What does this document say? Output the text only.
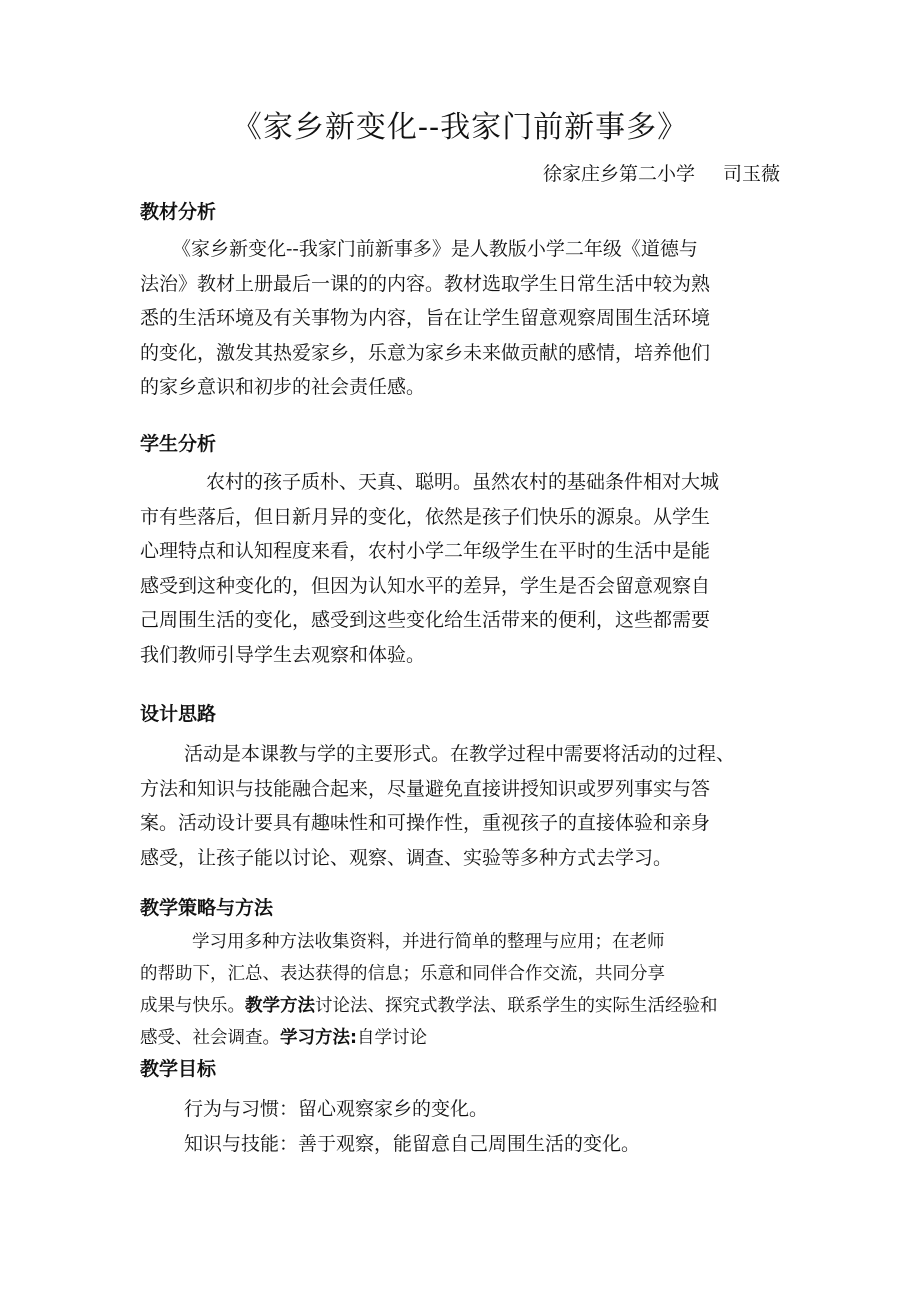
《家乡新变化--我家门前新事多》
徐家庄乡第二小学 司玉薇
教材分析
《家乡新变化--我家门前新事多》是人教版小学二年级《道德与
法治》教材上册最后一课的的内容。教材选取学生日常生活中较为熟
悉的生活环境及有关事物为内容，旨在让学生留意观察周围生活环境
的变化，激发其热爱家乡，乐意为家乡未来做贡献的感情，培养他们
的家乡意识和初步的社会责任感。
学生分析
农村的孩子质朴、天真、聪明。虽然农村的基础条件相对大城
市有些落后，但日新月异的变化，依然是孩子们快乐的源泉。从学生
心理特点和认知程度来看，农村小学二年级学生在平时的生活中是能
感受到这种变化的，但因为认知水平的差异，学生是否会留意观察自
己周围生活的变化，感受到这些变化给生活带来的便利，这些都需要
我们教师引导学生去观察和体验。
设计思路
活动是本课教与学的主要形式。在教学过程中需要将活动的过程、
方法和知识与技能融合起来，尽量避免直接讲授知识或罗列事实与答
案。活动设计要具有趣味性和可操作性，重视孩子的直接体验和亲身
感受，让孩子能以讨论、观察、调查、实验等多种方式去学习。
教学策略与方法
学习用多种方法收集资料，并进行简单的整理与应用；在老师
的帮助下，汇总、表达获得的信息；乐意和同伴合作交流，共同分享
成果与快乐。教学方法讨论法、探究式教学法、联系学生的实际生活经验和
感受、社会调查。学习方法:自学讨论
教学目标
行为与习惯：留心观察家乡的变化。
知识与技能：善于观察，能留意自己周围生活的变化。
